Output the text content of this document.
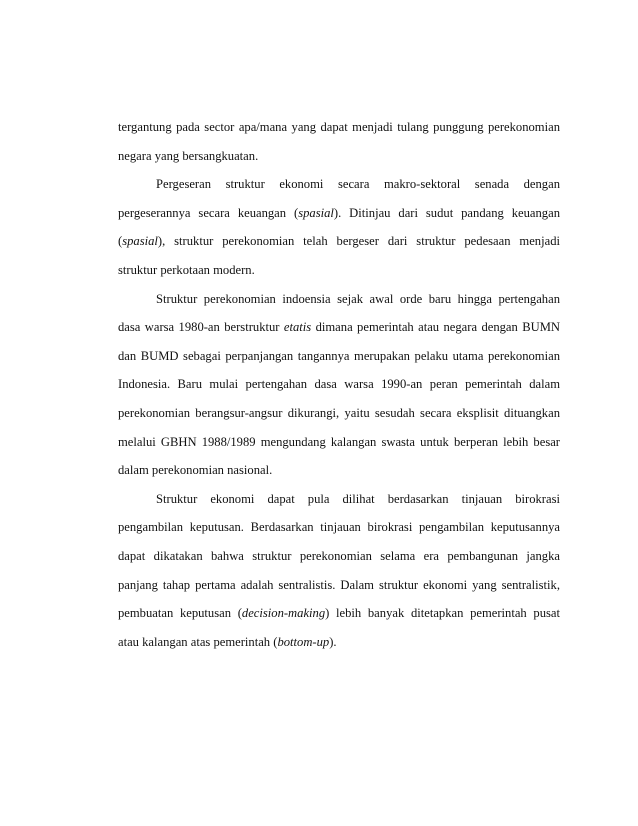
tergantung pada sector apa/mana yang dapat menjadi tulang punggung perekonomian
negara yang bersangkuatan.
Pergeseran struktur ekonomi secara makro-sektoral senada dengan
pergeserannya secara keuangan (spasial). Ditinjau dari sudut pandang keuangan
(spasial), struktur perekonomian telah bergeser dari struktur pedesaan menjadi
struktur perkotaan modern.
Struktur perekonomian indoensia sejak awal orde baru hingga pertengahan
dasa warsa 1980-an berstruktur etatis dimana pemerintah atau negara dengan BUMN
dan BUMD sebagai perpanjangan tangannya merupakan pelaku utama perekonomian
Indonesia. Baru mulai pertengahan dasa warsa 1990-an peran pemerintah dalam
perekonomian berangsur-angsur dikurangi, yaitu sesudah secara eksplisit dituangkan
melalui GBHN 1988/1989 mengundang kalangan swasta untuk berperan lebih besar
dalam perekonomian nasional.
Struktur ekonomi dapat pula dilihat berdasarkan tinjauan birokrasi
pengambilan keputusan. Berdasarkan tinjauan birokrasi pengambilan keputusannya
dapat dikatakan bahwa struktur perekonomian selama era pembangunan jangka
panjang tahap pertama adalah sentralistis. Dalam struktur ekonomi yang sentralistik,
pembuatan keputusan (decision-making) lebih banyak ditetapkan pemerintah pusat
atau kalangan atas pemerintah (bottom-up).
